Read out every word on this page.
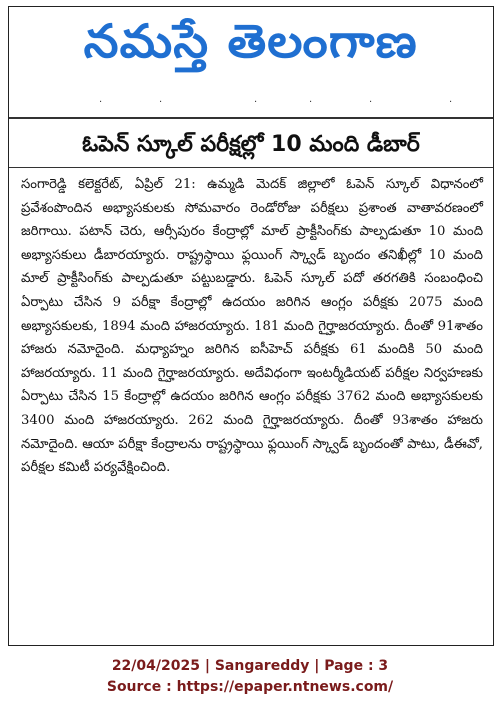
నమస్తే తెలంగాణ
·	·	·	·	·	·
ఓపెన్ స్కూల్ పరీక్షల్లో 10 మంది డీబార్
సంగారెడ్డి కలెక్టరేట్, ఏప్రిల్ 21: ఉమ్మడి మెదక్ జిల్లాలో ఓపెన్ స్కూల్ విధానంలో ప్రవేశంపొందిన అభ్యాసకులకు సోమవారం రెండోరోజు పరీక్షలు ప్రశాంత వాతావరణంలో జరిగాయి. పటాన్ చెరు, ఆర్సీపురం కేంద్రాల్లో మాల్ ప్రాక్టీసింగ్‌కు పాల్పడుతూ 10 మంది అభ్యాసకులు డీబారయ్యారు. రాష్ట్రస్థాయి ఫ్లయింగ్ స్క్వాడ్ బృందం తనిఖీల్లో 10 మంది మాల్ ప్రాక్టీసింగ్‌కు పాల్పడుతూ పట్టుబడ్డారు. ఓపెన్ స్కూల్ పదో తరగతికి సంబంధించి ఏర్పాటు చేసిన 9 పరీక్షా కేంద్రాల్లో ఉదయం జరిగిన ఆంగ్లం పరీక్షకు 2075 మంది అభ్యాసకులకు, 1894 మంది హాజరయ్యారు. 181 మంది గైర్హాజరయ్యారు. దీంతో 91శాతం హాజరు నమోదైంది. మధ్యాహ్నం జరిగిన ఐసీహెచ్ పరీక్షకు 61 మందికి 50 మంది హాజరయ్యారు. 11 మంది గైర్హాజరయ్యారు. అదేవిధంగా ఇంటర్మీడియట్ పరీక్షల నిర్వహణకు ఏర్పాటు చేసిన 15 కేంద్రాల్లో ఉదయం జరిగిన ఆంగ్లం పరీక్షకు 3762 మంది అభ్యాసకులకు 3400 మంది హాజరయ్యారు. 262 మంది గైర్హాజరయ్యారు. దీంతో 93శాతం హాజరు నమోదైంది. ఆయా పరీక్షా కేంద్రాలను రాష్ట్రస్థాయి ఫ్లయింగ్ స్క్వాడ్ బృందంతో పాటు, డీఈవో, పరీక్షల కమిటీ పర్యవేక్షించింది.
22/04/2025 | Sangareddy | Page : 3
Source : https://epaper.ntnews.com/
